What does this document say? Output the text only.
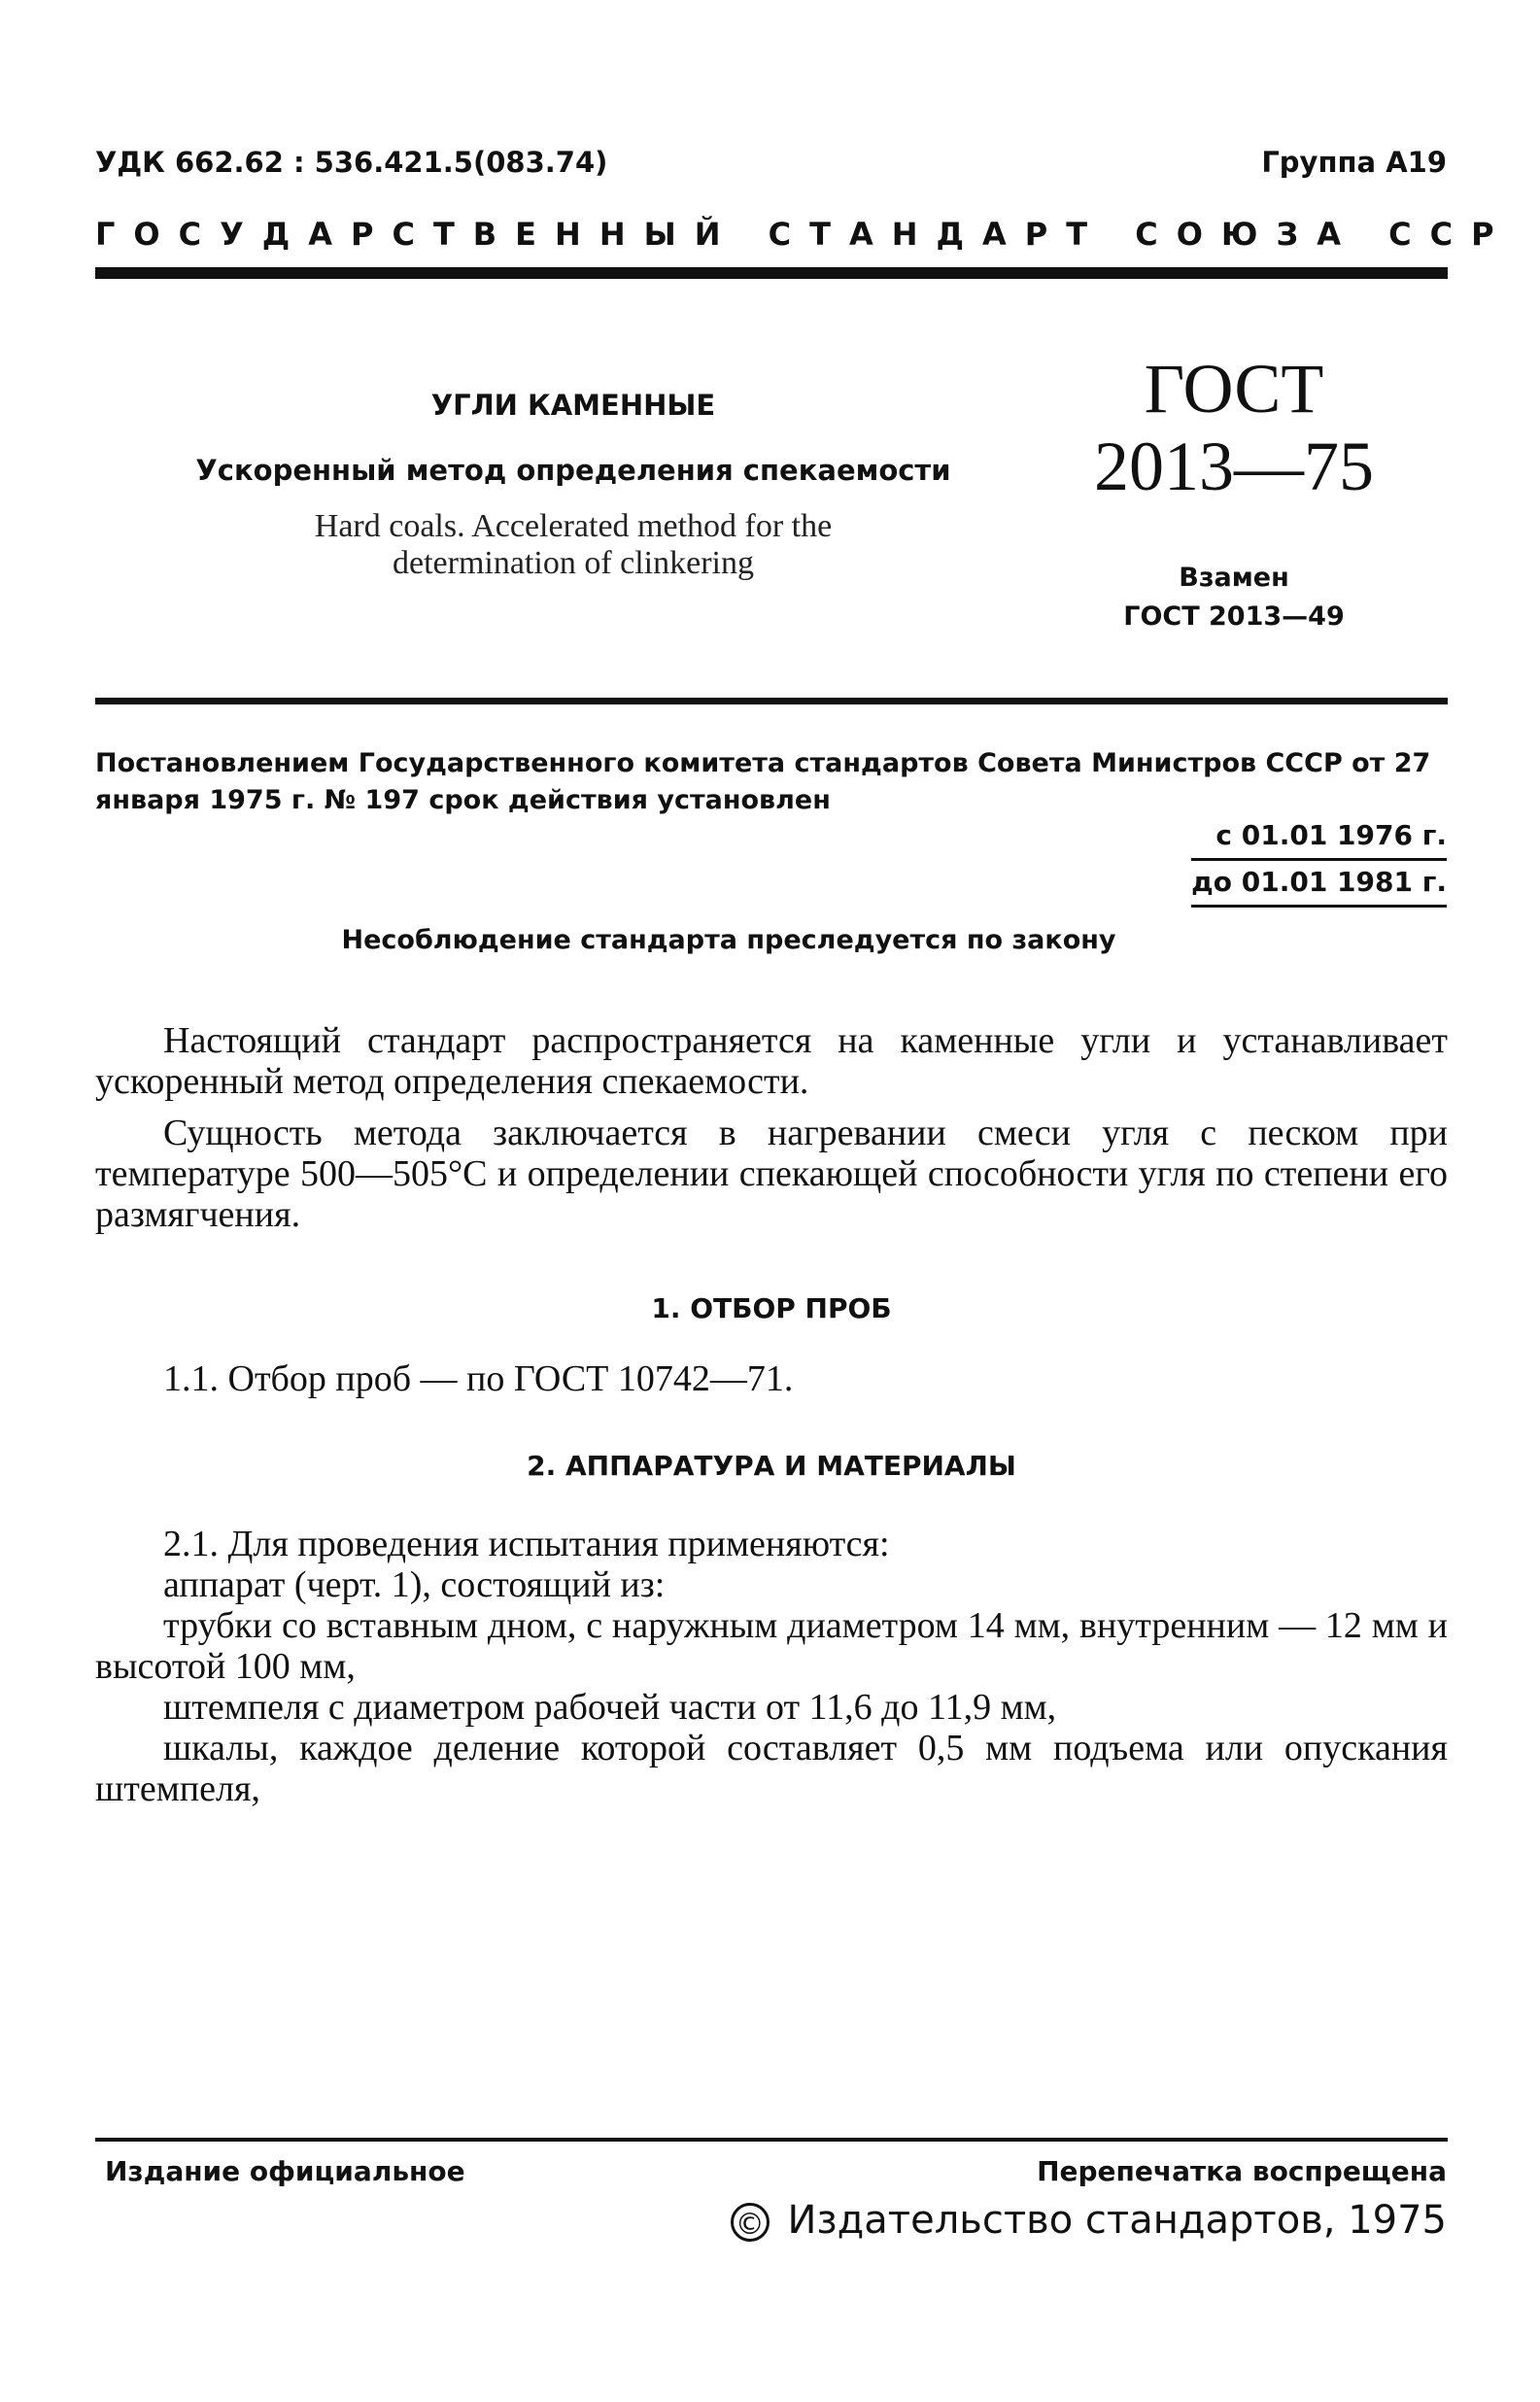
УДК 662.62 : 536.421.5(083.74)	Группа А19
ГОСУДАРСТВЕННЫЙ СТАНДАРТ СОЮЗА ССР
УГЛИ КАМЕННЫЕ
Ускоренный метод определения спекаемости
Hard coals. Accelerated method for the
determination of clinkering
ГОСТ
2013—75
Взамен
ГОСТ 2013—49
Постановлением Государственного комитета стандартов Совета Министров СССР от 27 января 1975 г. № 197 срок действия установлен
с 01.01 1976 г.
до 01.01 1981 г.
Несоблюдение стандарта преследуется по закону
Настоящий стандарт распространяется на каменные угли и устанавливает ускоренный метод определения спекаемости.
Сущность метода заключается в нагревании смеси угля с песком при температуре 500—505°С и определении спекающей способности угля по степени его размягчения.
1. ОТБОР ПРОБ
1.1. Отбор проб — по ГОСТ 10742—71.
2. АППАРАТУРА И МАТЕРИАЛЫ
2.1. Для проведения испытания применяются:
аппарат (черт. 1), состоящий из:
трубки со вставным дном, с наружным диаметром 14 мм, внутренним — 12 мм и высотой 100 мм,
штемпеля с диаметром рабочей части от 11,6 до 11,9 мм,
шкалы, каждое деление которой составляет 0,5 мм подъема или опускания штемпеля,
Издание официальное	Перепечатка воспрещена
© Издательство стандартов, 1975
